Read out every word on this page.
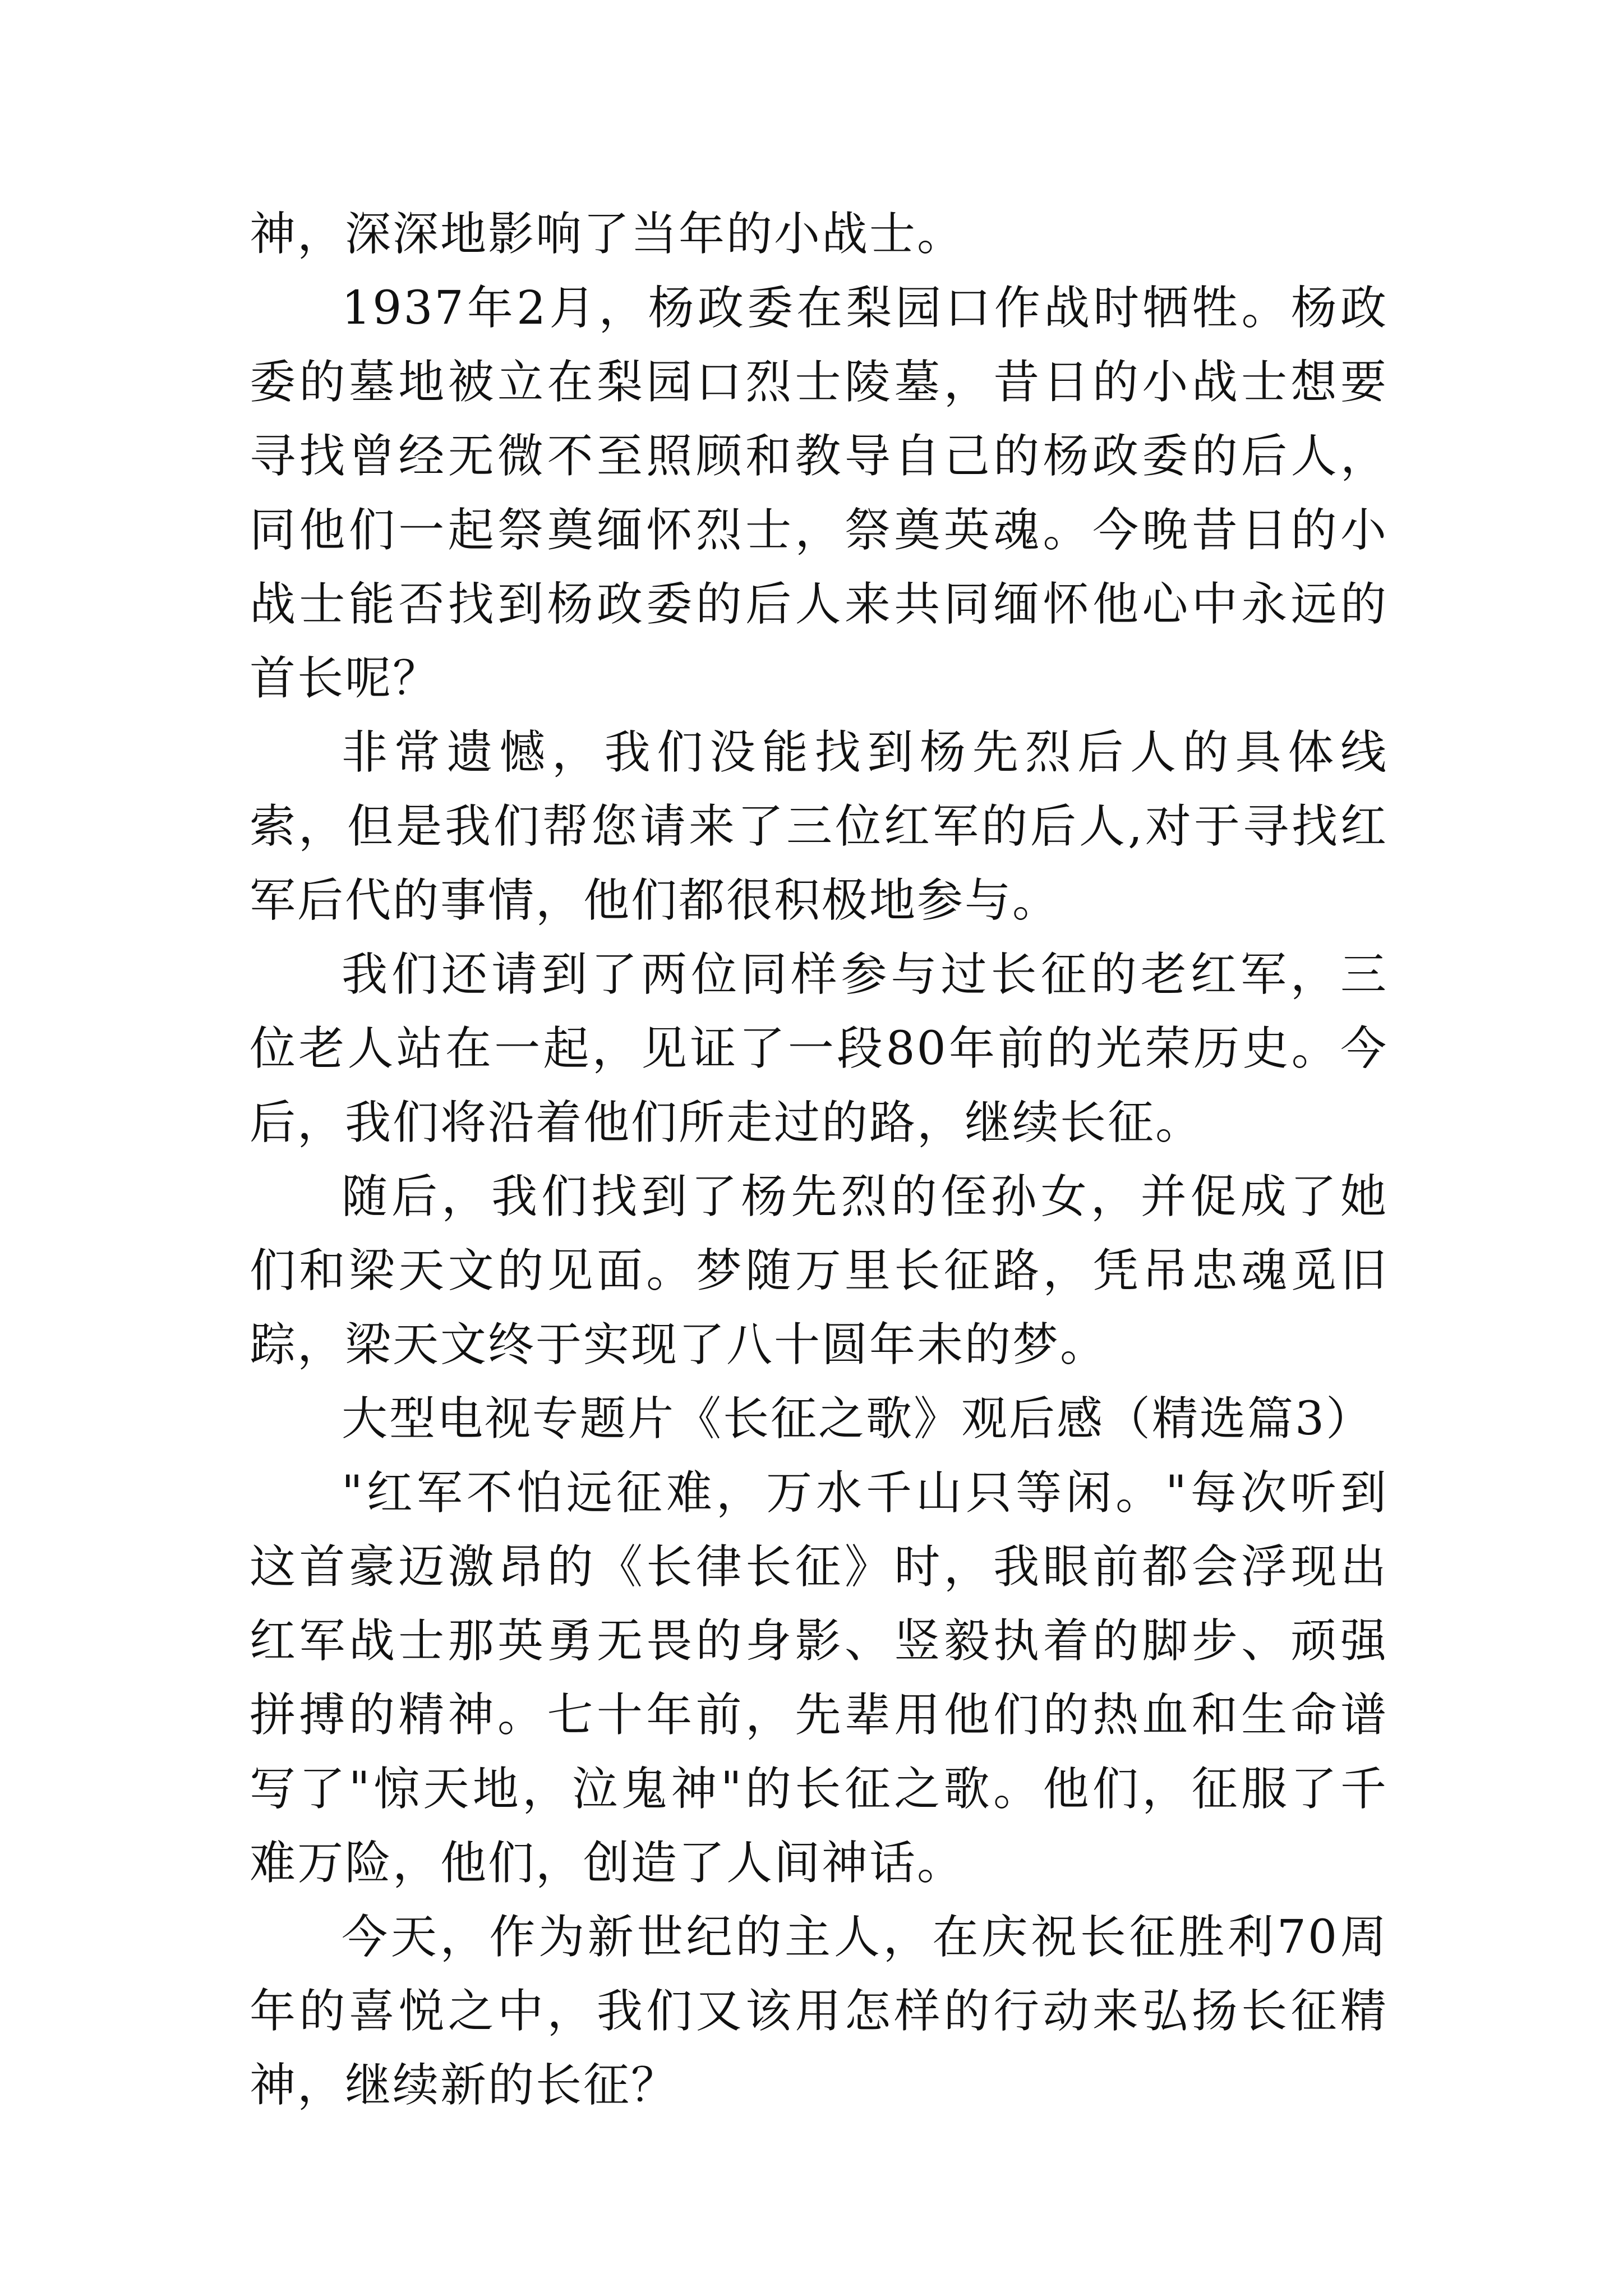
神，深深地影响了当年的小战士。

1937年2月，杨政委在梨园口作战时牺牲。杨政委的墓地被立在梨园口烈士陵墓，昔日的小战士想要寻找曾经无微不至照顾和教导自己的杨政委的后人，同他们一起祭奠缅怀烈士，祭奠英魂。今晚昔日的小战士能否找到杨政委的后人来共同缅怀他心中永远的首长呢？

非常遗憾，我们没能找到杨先烈后人的具体线索，但是我们帮您请来了三位红军的后人,对于寻找红军后代的事情，他们都很积极地参与。

我们还请到了两位同样参与过长征的老红军，三位老人站在一起，见证了一段80年前的光荣历史。今后，我们将沿着他们所走过的路，继续长征。

随后，我们找到了杨先烈的侄孙女，并促成了她们和梁天文的见面。梦随万里长征路，凭吊忠魂觅旧踪，梁天文终于实现了八十圆年未的梦。

大型电视专题片《长征之歌》观后感（精选篇3）

"红军不怕远征难，万水千山只等闲。"每次听到这首豪迈激昂的《长律长征》时，我眼前都会浮现出红军战士那英勇无畏的身影、竖毅执着的脚步、顽强拼搏的精神。七十年前，先辈用他们的热血和生命谱写了"惊天地，泣鬼神"的长征之歌。他们，征服了千难万险，他们，创造了人间神话。

今天，作为新世纪的主人，在庆祝长征胜利70周年的喜悦之中，我们又该用怎样的行动来弘扬长征精神，继续新的长征？
